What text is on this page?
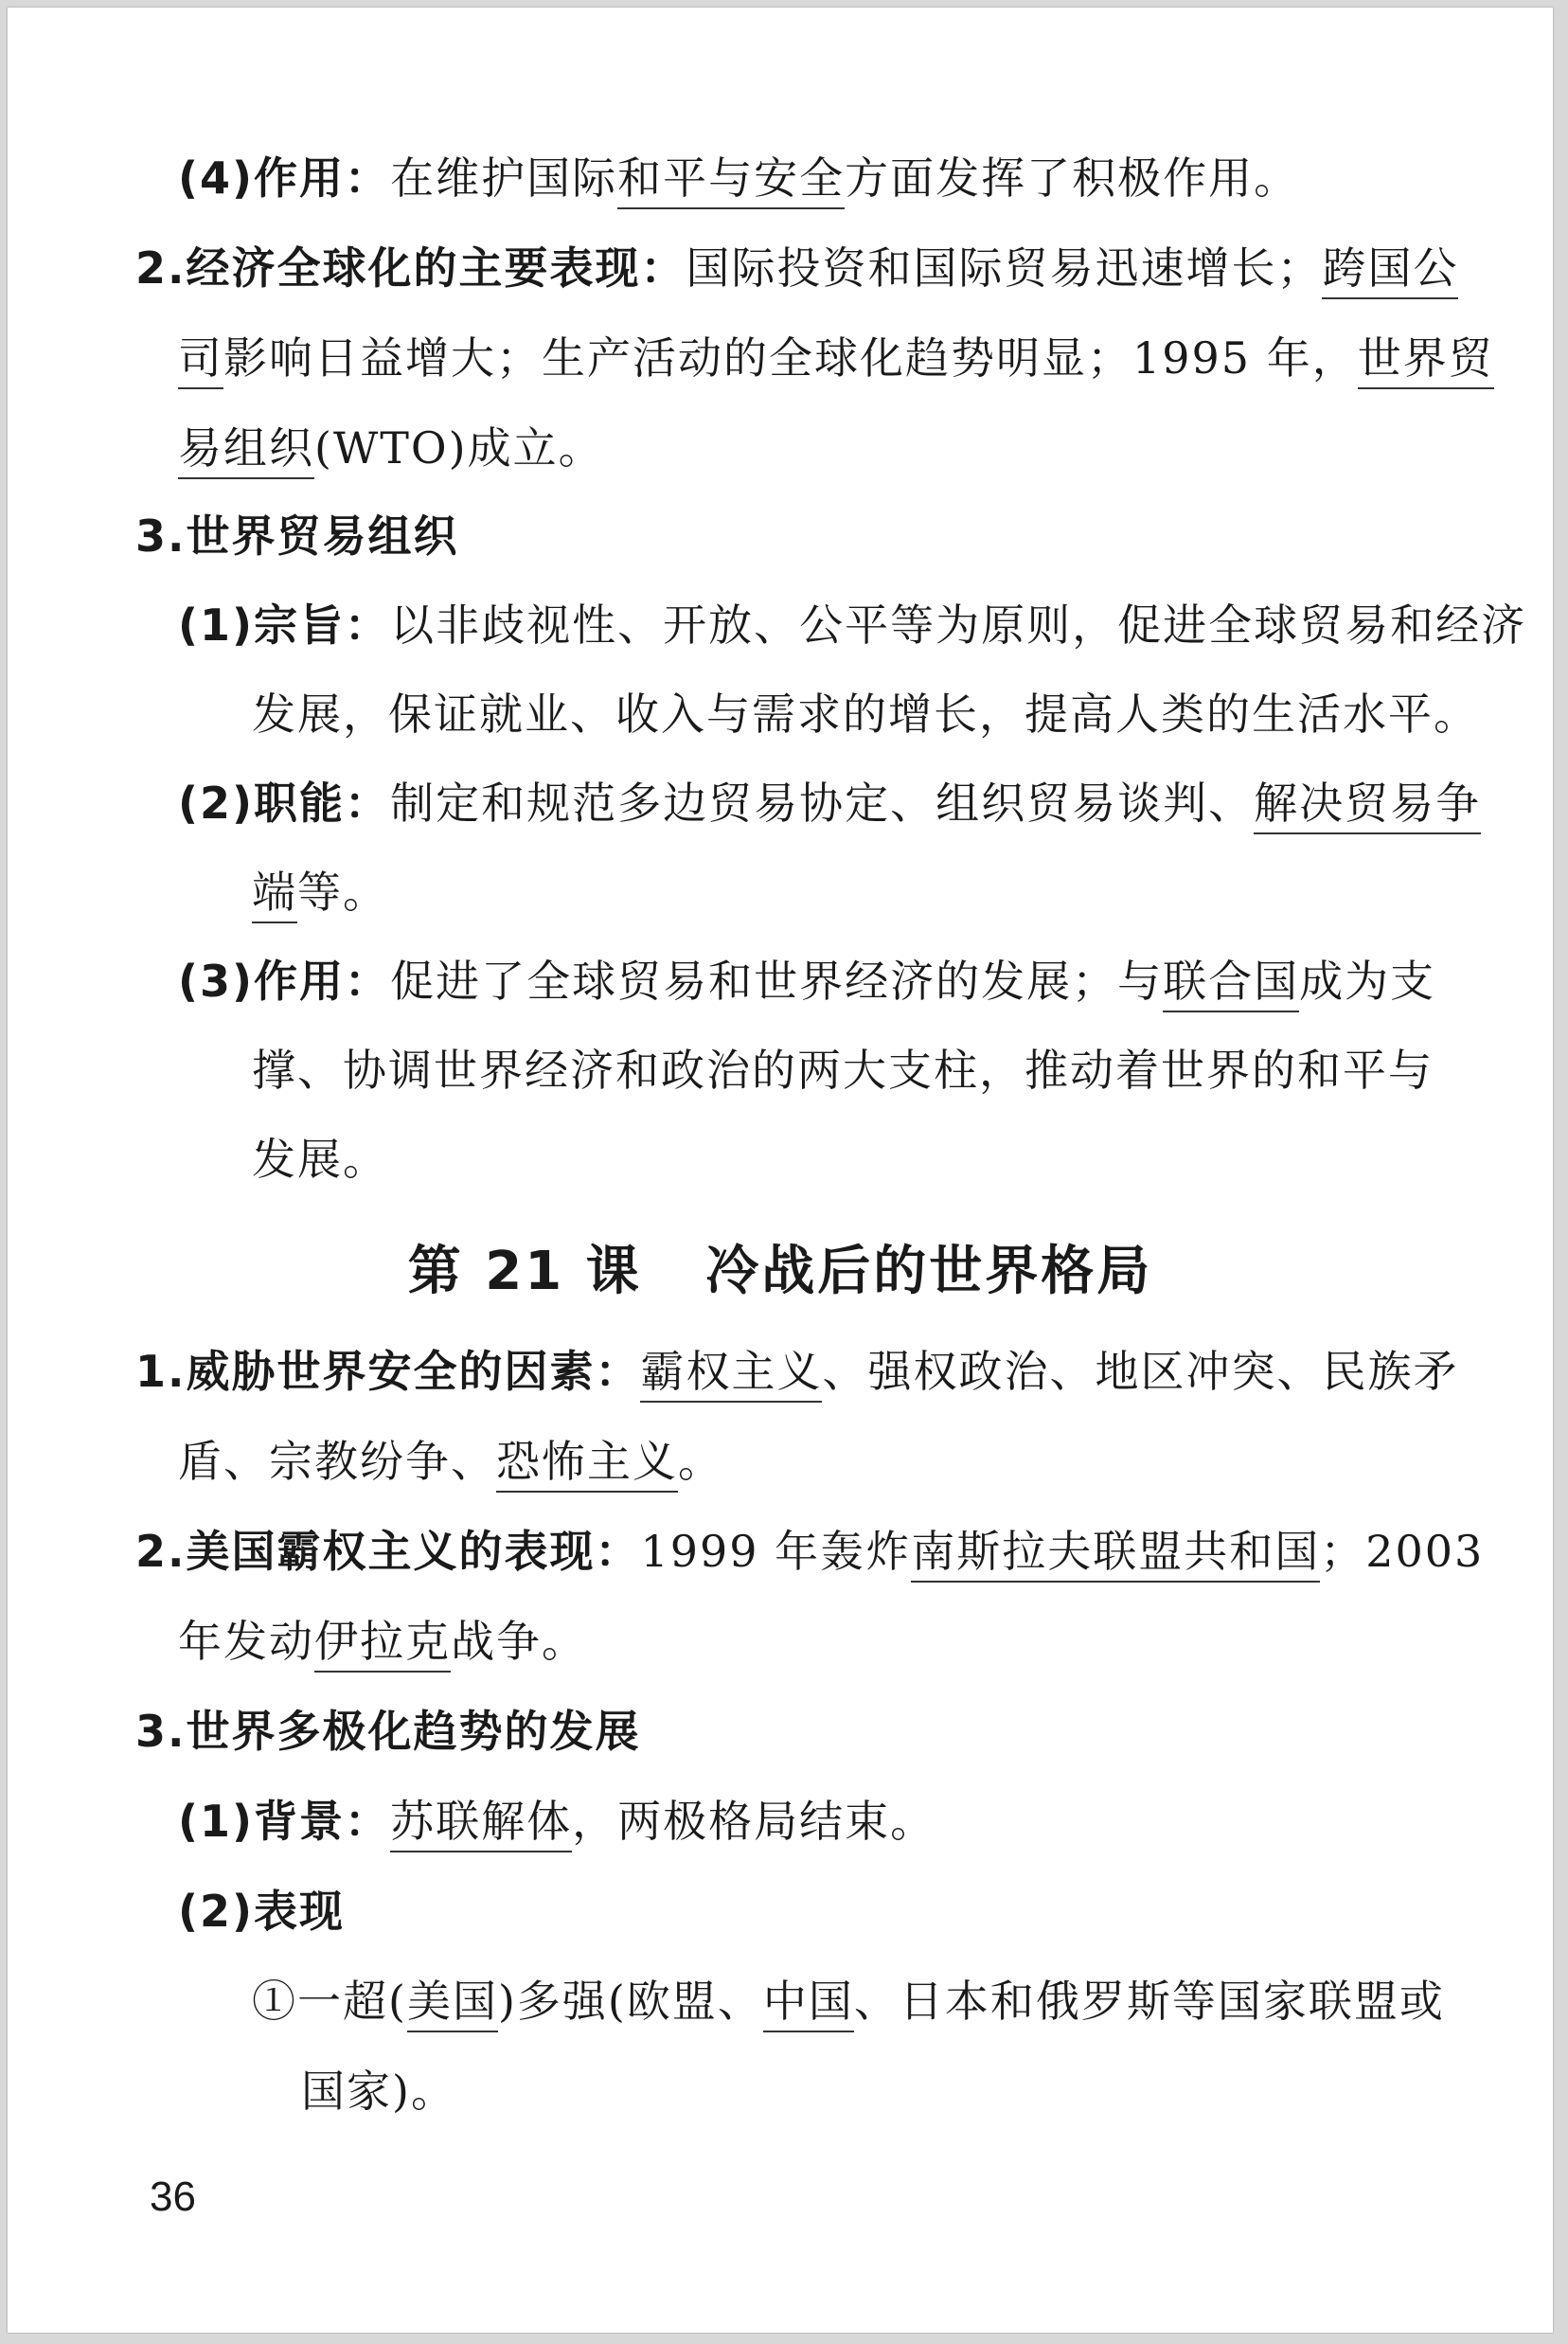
(4)作用：在维护国际和平与安全方面发挥了积极作用。
2.经济全球化的主要表现：国际投资和国际贸易迅速增长；跨国公
司影响日益增大；生产活动的全球化趋势明显；1995 年，世界贸
易组织(WTO)成立。
3.世界贸易组织
(1)宗旨：以非歧视性、开放、公平等为原则，促进全球贸易和经济
发展，保证就业、收入与需求的增长，提高人类的生活水平。
(2)职能：制定和规范多边贸易协定、组织贸易谈判、解决贸易争
端等。
(3)作用：促进了全球贸易和世界经济的发展；与联合国成为支
撑、协调世界经济和政治的两大支柱，推动着世界的和平与
发展。
第 21 课   冷战后的世界格局
1.威胁世界安全的因素：霸权主义、强权政治、地区冲突、民族矛
盾、宗教纷争、恐怖主义。
2.美国霸权主义的表现：1999 年轰炸南斯拉夫联盟共和国；2003
年发动伊拉克战争。
3.世界多极化趋势的发展
(1)背景：苏联解体，两极格局结束。
(2)表现
①一超(美国)多强(欧盟、中国、日本和俄罗斯等国家联盟或
国家)。
36
